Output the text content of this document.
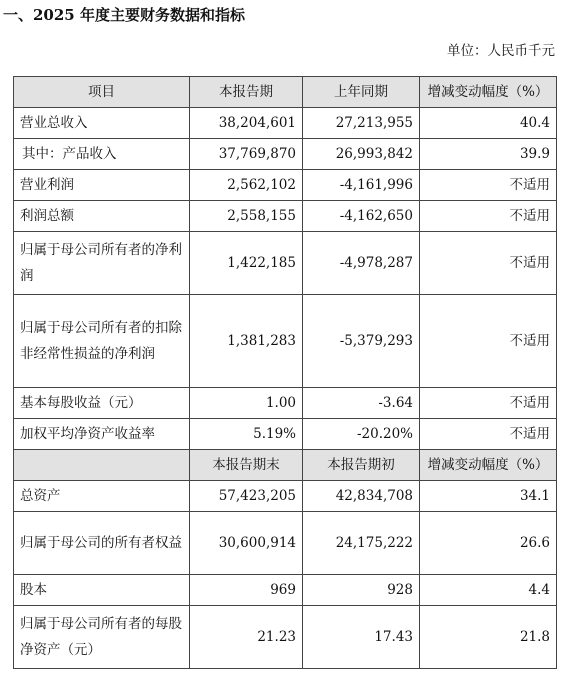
一、2025 年度主要财务数据和指标
单位：人民币千元
项目	本报告期	上年同期	增减变动幅度（%）
营业总收入	38,204,601	27,213,955	40.4
其中：产品收入	37,769,870	26,993,842	39.9
营业利润	2,562,102	-4,161,996	不适用
利润总额	2,558,155	-4,162,650	不适用
归属于母公司所有者的净利润	1,422,185	-4,978,287	不适用
归属于母公司所有者的扣除非经常性损益的净利润	1,381,283	-5,379,293	不适用
基本每股收益（元）	1.00	-3.64	不适用
加权平均净资产收益率	5.19%	-20.20%	不适用
	本报告期末	本报告期初	增减变动幅度（%）
总资产	57,423,205	42,834,708	34.1
归属于母公司的所有者权益	30,600,914	24,175,222	26.6
股本	969	928	4.4
归属于母公司所有者的每股净资产（元）	21.23	17.43	21.8
